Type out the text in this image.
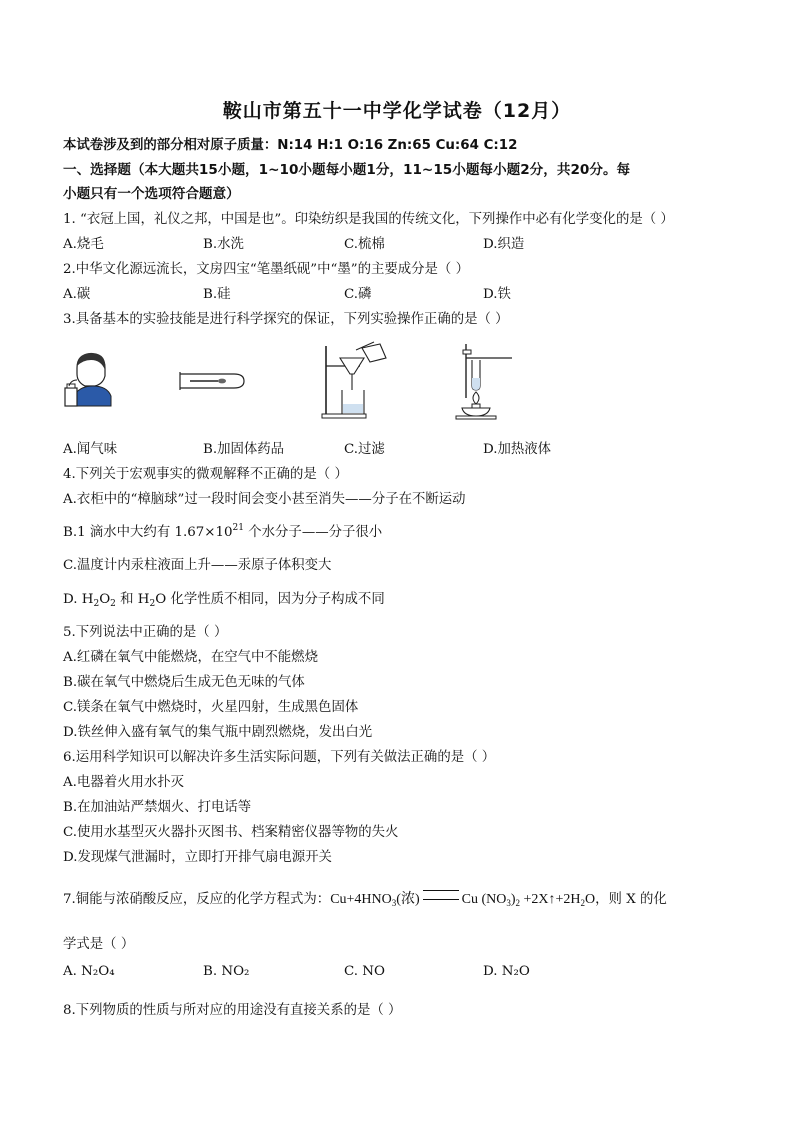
鞍山市第五十一中学化学试卷（12月）
本试卷涉及到的部分相对原子质量：N:14 H:1 O:16 Zn:65 Cu:64 C:12
一、选择题（本大题共15小题，1~10小题每小题1分，11~15小题每小题2分，共20分。每
小题只有一个选项符合题意）
1. “衣冠上国，礼仪之邦，中国是也”。印染纺织是我国的传统文化，下列操作中必有化学变化的是（ ）
A.烧毛	B.水洗	C.梳棉	D.织造
2.中华文化源远流长，文房四宝“笔墨纸砚”中“墨”的主要成分是（ ）
A.碳	B.硅	C.磷	D.铁
3.具备基本的实验技能是进行科学探究的保证，下列实验操作正确的是（ ）
A.闻气味	B.加固体药品	C.过滤	D.加热液体
4.下列关于宏观事实的微观解释不正确的是（ ）
A.衣柜中的“樟脑球”过一段时间会变小甚至消失——分子在不断运动
B.1 滴水中大约有 $1.67\times 10^{21}$ 个水分子——分子很小
C.温度计内汞柱液面上升——汞原子体积变大
D. $H_2O_2$ 和 $H_2O$ 化学性质不相同，因为分子构成不同
5.下列说法中正确的是（ ）
A.红磷在氧气中能燃烧，在空气中不能燃烧
B.碳在氧气中燃烧后生成无色无味的气体
C.镁条在氧气中燃烧时，火星四射，生成黑色固体
D.铁丝伸入盛有氧气的集气瓶中剧烈燃烧，发出白光
6.运用科学知识可以解决许多生活实际问题，下列有关做法正确的是（ ）
A.电器着火用水扑灭
B.在加油站严禁烟火、打电话等
C.使用水基型灭火器扑灭图书、档案精密仪器等物的失火
D.发现煤气泄漏时，立即打开排气扇电源开关
7.铜能与浓硝酸反应，反应的化学方程式为：$Cu+4HNO_3$(浓)	Cu $(NO_3)_2$ $+2X↑+2H_2O$，则 X 的化
学式是（ ）
A. N₂O₄	B. NO₂	C. NO	D. N₂O
8.下列物质的性质与所对应的用途没有直接关系的是（ ）
